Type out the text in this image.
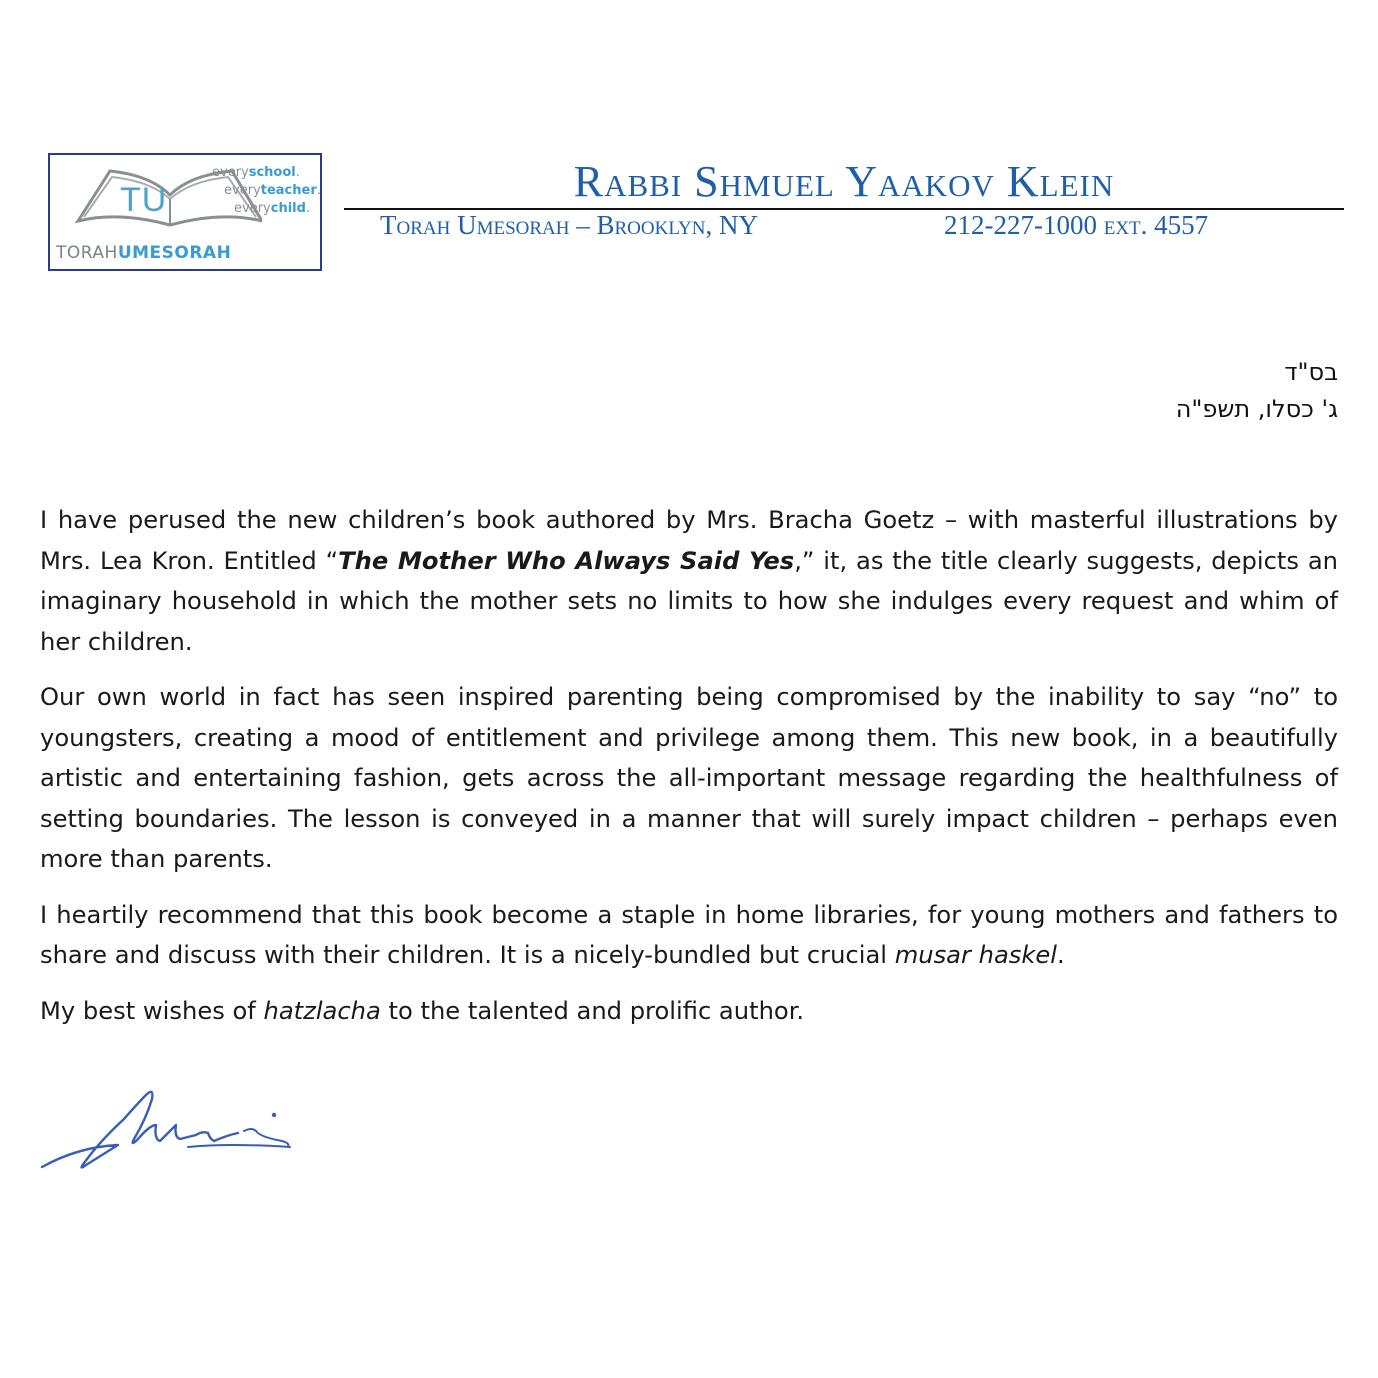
TU
everyschool.
everyteacher.
everychild.
TORAHUMESORAH
Rabbi Shmuel Yaakov Klein
Torah Umesorah – Brooklyn, NY	212-227-1000 ext. 4557
בס"ד
ג' כסלו, תשפ"ה

I have perused the new children’s book authored by Mrs. Bracha Goetz – with masterful illustrations by Mrs. Lea Kron. Entitled “The Mother Who Always Said Yes,” it, as the title clearly suggests, depicts an imaginary household in which the mother sets no limits to how she indulges every request and whim of her children.

Our own world in fact has seen inspired parenting being compromised by the inability to say “no” to youngsters, creating a mood of entitlement and privilege among them. This new book, in a beautifully artistic and entertaining fashion, gets across the all-important message regarding the healthfulness of setting boundaries. The lesson is conveyed in a manner that will surely impact children – perhaps even more than parents.

I heartily recommend that this book become a staple in home libraries, for young mothers and fathers to share and discuss with their children. It is a nicely-bundled but crucial musar haskel.

My best wishes of hatzlacha to the talented and prolific author.
